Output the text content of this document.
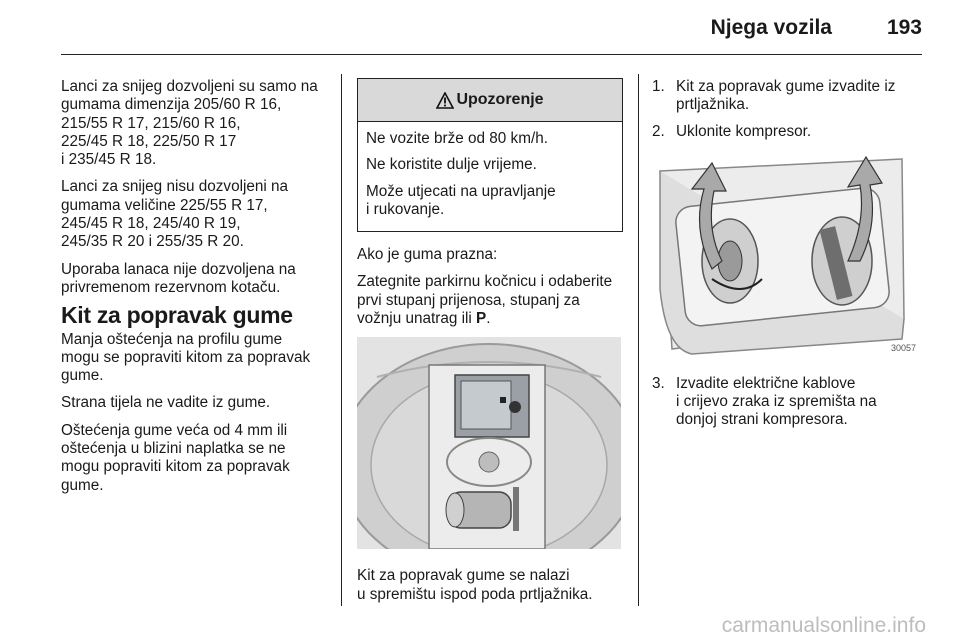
Njega vozila	193

Lanci za snijeg dozvoljeni su samo na
gumama dimenzija 205/60 R 16,
215/55 R 17, 215/60 R 16,
225/45 R 18, 225/50 R 17
i 235/45 R 18.

Lanci za snijeg nisu dozvoljeni na
gumama veličine 225/55 R 17,
245/45 R 18, 245/40 R 19,
245/35 R 20 i 255/35 R 20.

Uporaba lanaca nije dozvoljena na
privremenom rezervnom kotaču.

Kit za popravak gume

Manja oštećenja na profilu gume
mogu se popraviti kitom za popravak
gume.

Strana tijela ne vadite iz gume.

Oštećenja gume veća od 4 mm ili
oštećenja u blizini naplatka se ne
mogu popraviti kitom za popravak
gume.

Upozorenje

Ne vozite brže od 80 km/h.

Ne koristite dulje vrijeme.

Može utjecati na upravljanje
i rukovanje.

Ako je guma prazna:

Zategnite parkirnu kočnicu i odaberite prvi stupanj prijenosa, stupanj za vožnju unatrag ili P.

Kit za popravak gume se nalazi
u spremištu ispod poda prtljažnika.

1. Kit za popravak gume izvadite iz
prtljažnika.
2. Uklonite kompresor.
30057
3. Izvadite električne kablove
i crijevo zraka iz spremišta na
donjoj strani kompresora.
carmanualsonline.info
